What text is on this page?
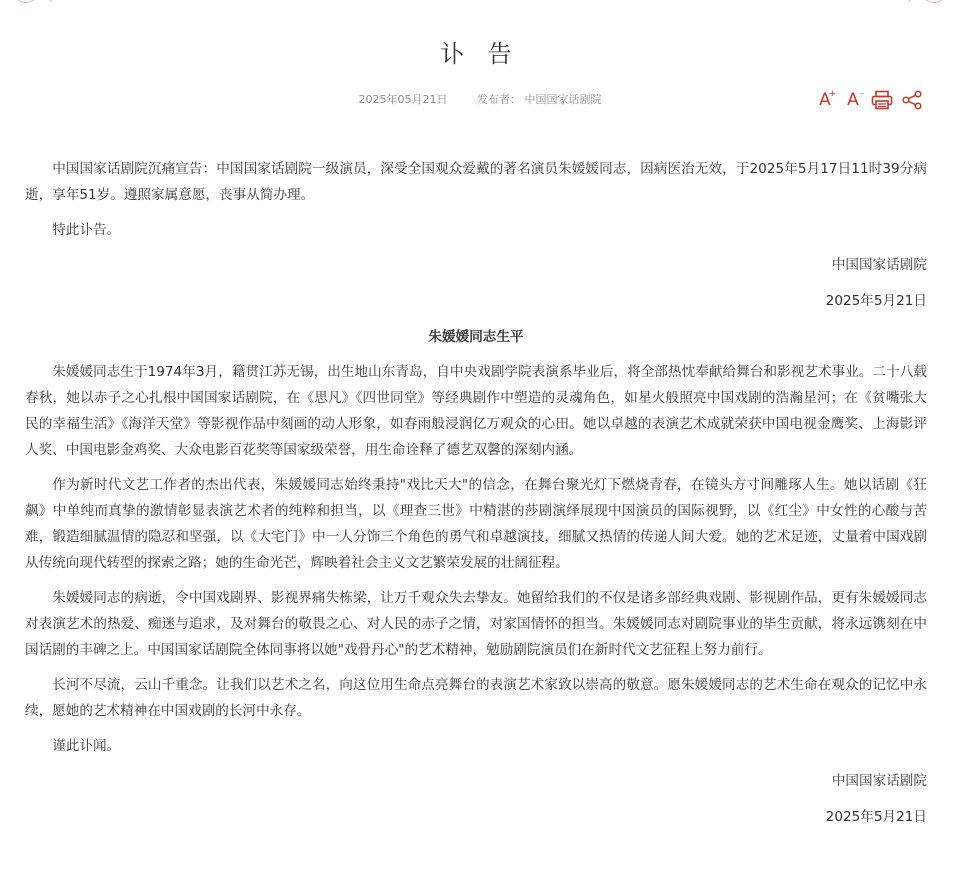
讣 告
2025年05月21日	发布者： 中国国家话剧院	A
+ A-

中国国家话剧院沉痛宣告：中国国家话剧院一级演员，深受全国观众爱戴的著名演员朱媛媛同志，因病医治无效，于2025年5月17日11时39分病逝，享年51岁。遵照家属意愿，丧事从简办理。

特此讣告。

中国国家话剧院

2025年5月21日

朱媛媛同志生平

朱媛媛同志生于1974年3月，籍贯江苏无锡，出生地山东青岛，自中央戏剧学院表演系毕业后，将全部热忱奉献给舞台和影视艺术事业。二十八载春秋，她以赤子之心扎根中国国家话剧院，在《思凡》《四世同堂》等经典剧作中塑造的灵魂角色，如星火般照亮中国戏剧的浩瀚星河；在《贫嘴张大民的幸福生活》《海洋天堂》等影视作品中刻画的动人形象，如春雨般浸润亿万观众的心田。她以卓越的表演艺术成就荣获中国电视金鹰奖、上海影评人奖、中国电影金鸡奖、大众电影百花奖等国家级荣誉，用生命诠释了德艺双馨的深刻内涵。

作为新时代文艺工作者的杰出代表，朱媛媛同志始终秉持"戏比天大"的信念，在舞台聚光灯下燃烧青春，在镜头方寸间雕琢人生。她以话剧《狂飙》中单纯而真挚的激情彰显表演艺术者的纯粹和担当，以《理查三世》中精湛的莎剧演绎展现中国演员的国际视野，以《红尘》中女性的心酸与苦难，锻造细腻温情的隐忍和坚强，以《大宅门》中一人分饰三个角色的勇气和卓越演技，细腻又热情的传递人间大爱。她的艺术足迹，丈量着中国戏剧从传统向现代转型的探索之路；她的生命光芒，辉映着社会主义文艺繁荣发展的壮阔征程。

朱媛媛同志的病逝，令中国戏剧界、影视界痛失栋梁，让万千观众失去挚友。她留给我们的不仅是诸多部经典戏剧、影视剧作品，更有朱媛媛同志对表演艺术的热爱、痴迷与追求，及对舞台的敬畏之心、对人民的赤子之情，对家国情怀的担当。朱媛媛同志对剧院事业的毕生贡献，将永远镌刻在中国话剧的丰碑之上。中国国家话剧院全体同事将以她"戏骨丹心"的艺术精神，勉励剧院演员们在新时代文艺征程上努力前行。

长河不尽流，云山千重念。让我们以艺术之名，向这位用生命点亮舞台的表演艺术家致以崇高的敬意。愿朱媛媛同志的艺术生命在观众的记忆中永续，愿她的艺术精神在中国戏剧的长河中永存。

谨此讣闻。

中国国家话剧院

2025年5月21日
